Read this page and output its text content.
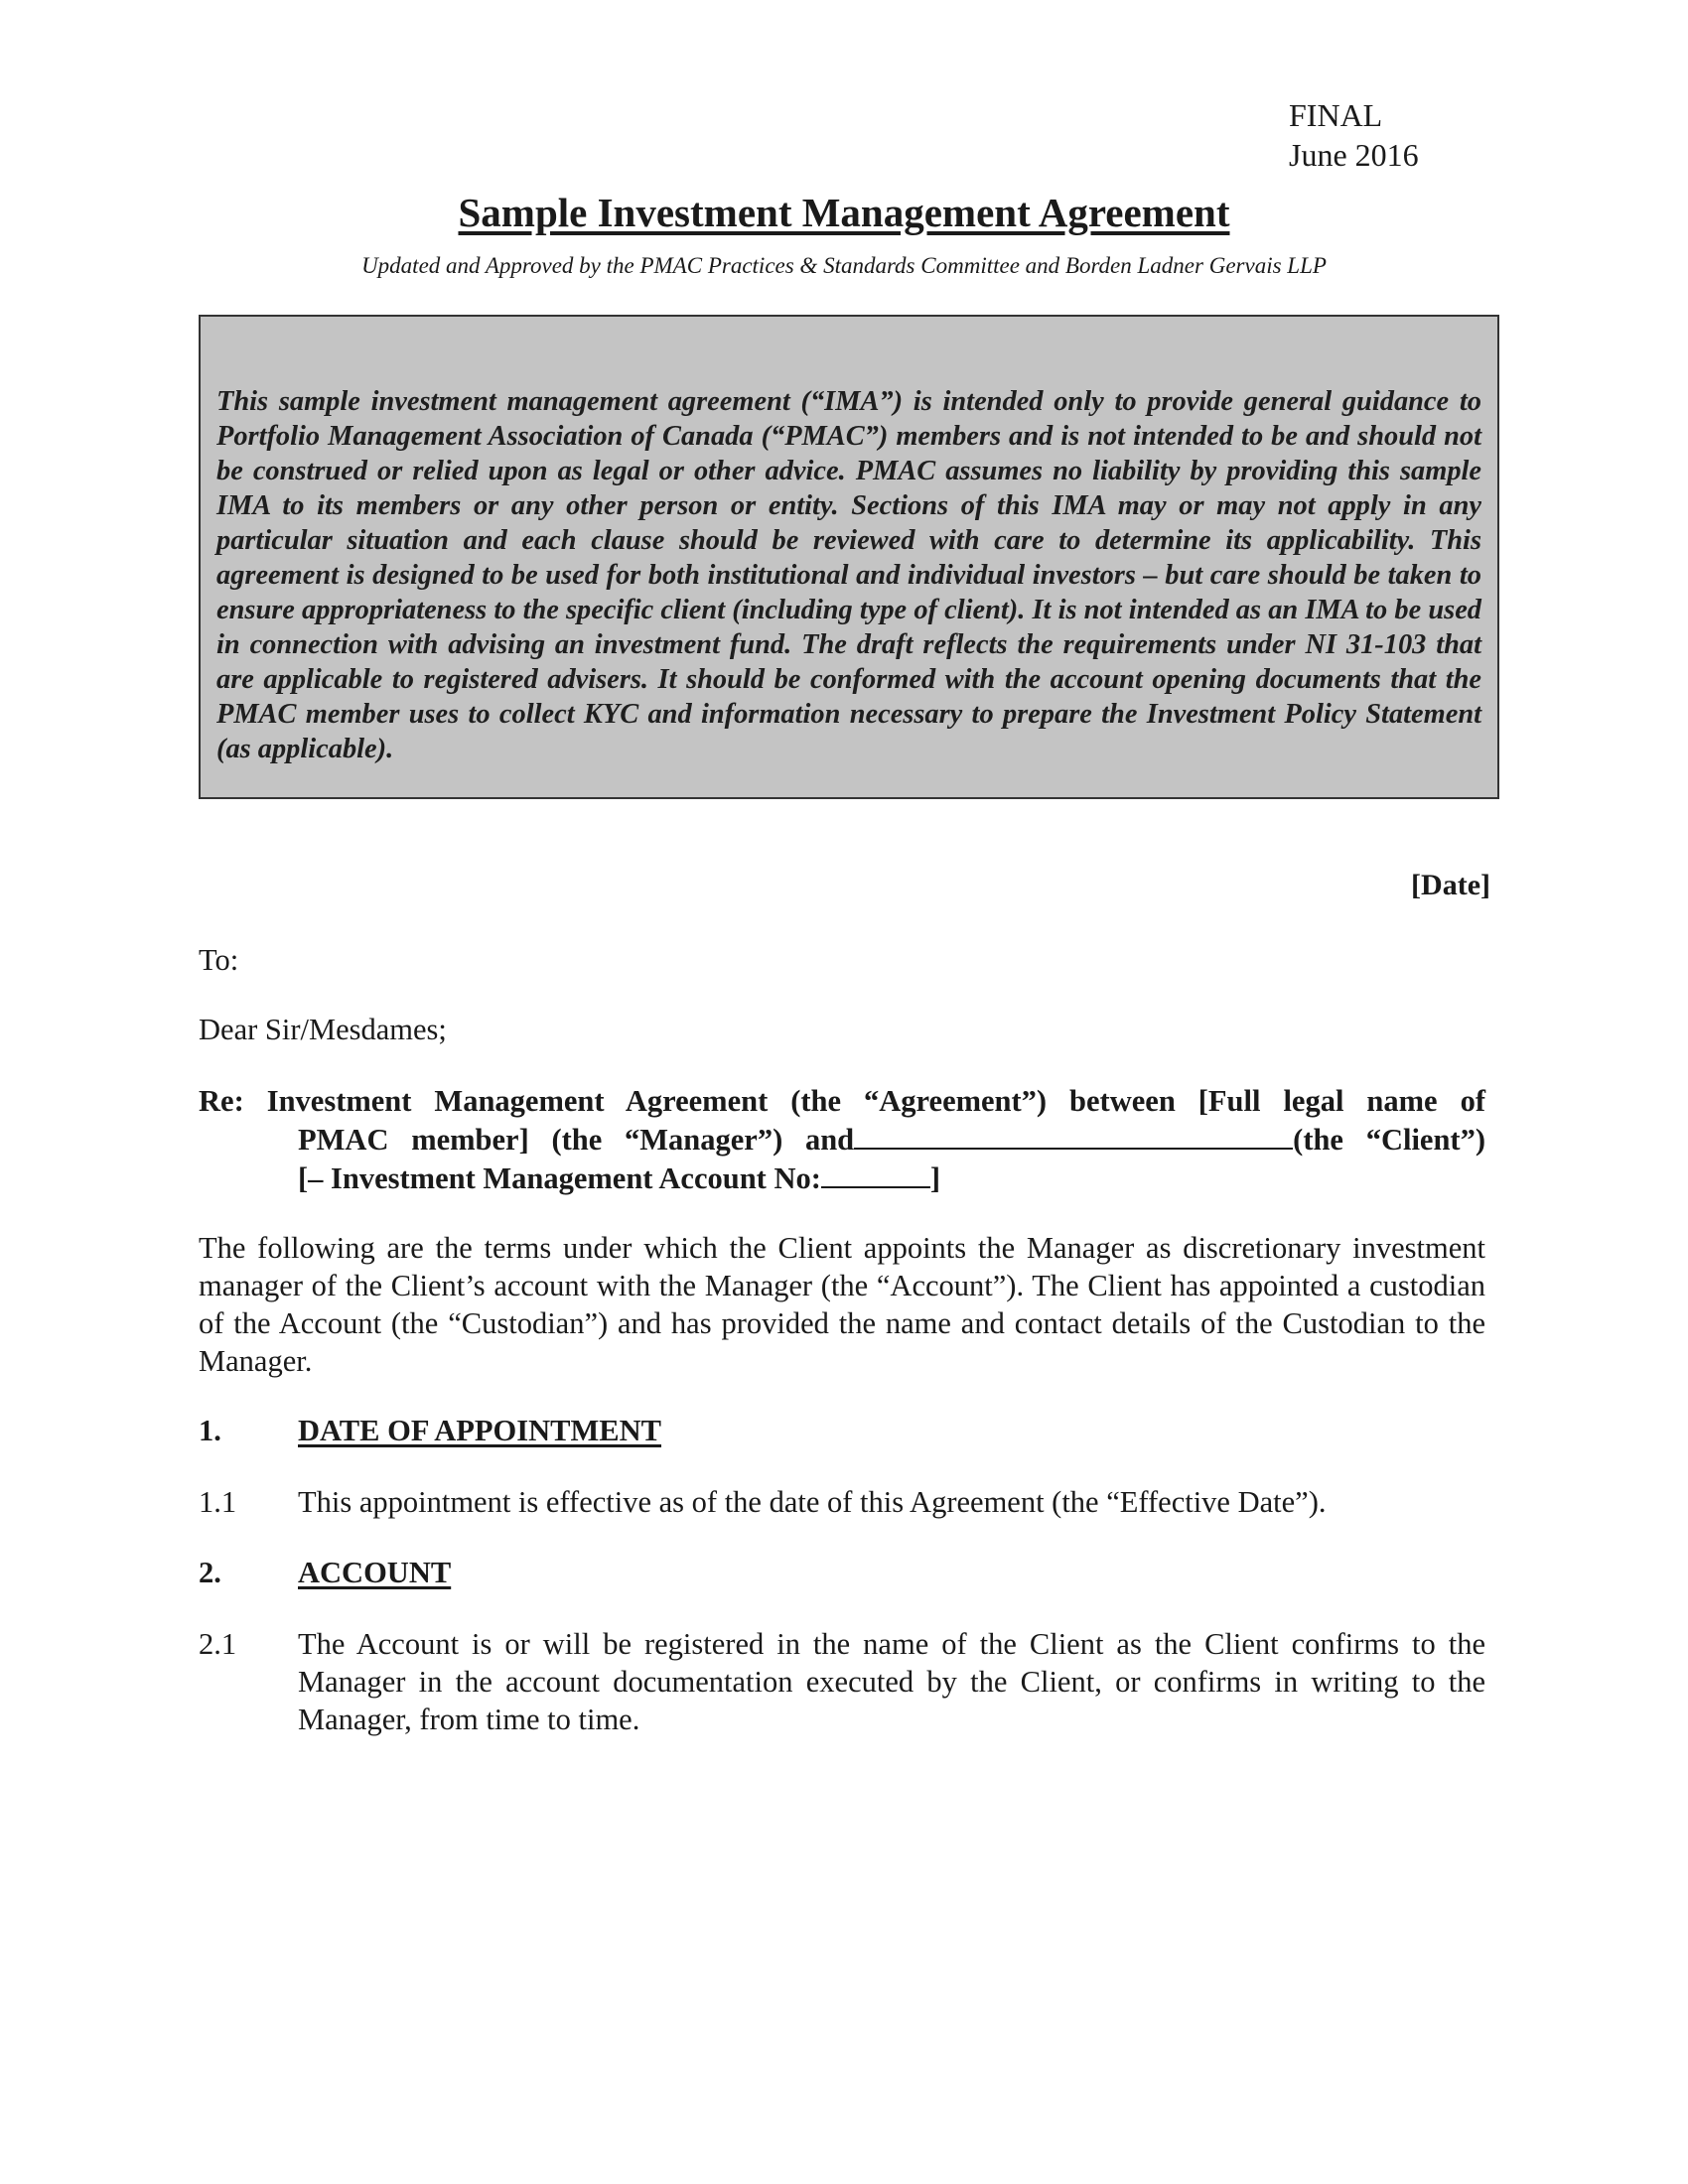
FINAL
June 2016
Sample Investment Management Agreement
Updated and Approved by the PMAC Practices & Standards Committee and Borden Ladner Gervais LLP

This sample investment management agreement (“IMA”) is intended only to provide general guidance to Portfolio Management Association of Canada (“PMAC”) members and is not intended to be and should not be construed or relied upon as legal or other advice. PMAC assumes no liability by providing this sample IMA to its members or any other person or entity. Sections of this IMA may or may not apply in any particular situation and each clause should be reviewed with care to determine its applicability. This agreement is designed to be used for both institutional and individual investors – but care should be taken to ensure appropriateness to the specific client (including type of client). It is not intended as an IMA to be used in connection with advising an investment fund. The draft reflects the requirements under NI 31-103 that are applicable to registered advisers. It should be conformed with the account opening documents that the PMAC member uses to collect KYC and information necessary to prepare the Investment Policy Statement (as applicable).

[Date]
To:
Dear Sir/Mesdames;
Re: Investment Management Agreement (the “Agreement”) between [Full legal name of
PMAC member] (the “Manager”) and	(the “Client”)
[– Investment Management Account No:	]
The following are the terms under which the Client appoints the Manager as discretionary investment manager of the Client’s account with the Manager (the “Account”). The Client has appointed a custodian of the Account (the “Custodian”) and has provided the name and contact details of the Custodian to the Manager.
1.	DATE OF APPOINTMENT
1.1	This appointment is effective as of the date of this Agreement (the “Effective Date”).
2.	ACCOUNT
2.1	The Account is or will be registered in the name of the Client as the Client confirms to the Manager in the account documentation executed by the Client, or confirms in writing to the Manager, from time to time.
